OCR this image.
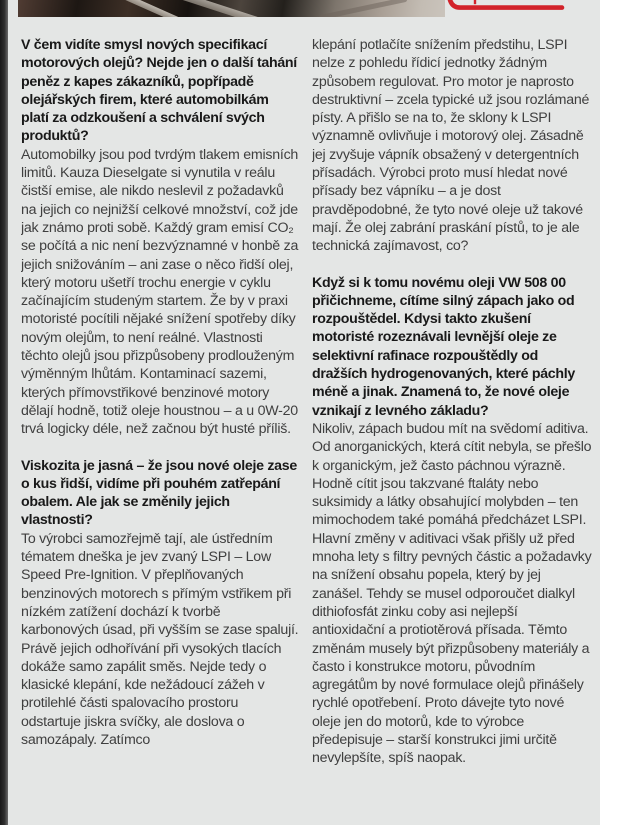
V čem vidíte smysl nových specifikací motorových olejů? Nejde jen o další tahání peněz z kapes zákazníků, popřípadě olejářských firem, které automobilkám platí za odzkoušení a schválení svých produktů?

Automobilky jsou pod tvrdým tlakem emisních limitů. Kauza Dieselgate si vynutila v reálu čistší emise, ale nikdo neslevil z požadavků na jejich co nejnižší celkové množství, což jde jak známo proti sobě. Každý gram emisí CO₂ se počítá a nic není bezvýznamné v honbě za jejich snižováním – ani zase o něco řidší olej, který motoru ušetří trochu energie v cyklu začínajícím studeným startem. Že by v praxi motoristé pocítili nějaké snížení spotřeby díky novým olejům, to není reálné. Vlastnosti těchto olejů jsou přizpůsobeny prodlouženým výměnným lhůtám. Kontaminací sazemi, kterých přímovstřikové benzinové motory dělají hodně, totiž oleje houstnou – a u 0W-20 trvá logicky déle, než začnou být husté příliš.

Viskozita je jasná – že jsou nové oleje zase o kus řidší, vidíme při pouhém zatřepání obalem. Ale jak se změnily jejich vlastnosti?

To výrobci samozřejmě tají, ale ústředním tématem dneška je jev zvaný LSPI – Low Speed Pre-Ignition. V přeplňovaných benzinových motorech s přímým vstřikem při nízkém zatížení dochází k tvorbě karbonových úsad, při vyšším se zase spalují. Právě jejich odhořívání při vysokých tlacích dokáže samo zapálit směs. Nejde tedy o klasické klepání, kde nežádoucí zážeh v protilehlé části spalovacího prostoru odstartuje jiskra svíčky, ale doslova o samozápaly. Zatímco

klepání potlačíte snížením předstihu, LSPI nelze z pohledu řídicí jednotky žádným způsobem regulovat. Pro motor je naprosto destruktivní – zcela typické už jsou rozlámané písty. A přišlo se na to, že sklony k LSPI významně ovlivňuje i motorový olej. Zásadně jej zvyšuje vápník obsažený v detergentních přísadách. Výrobci proto musí hledat nové přísady bez vápníku – a je dost pravděpodobné, že tyto nové oleje už takové mají. Že olej zabrání praskání pístů, to je ale technická zajímavost, co?

Když si k tomu novému oleji VW 508 00 přičichneme, cítíme silný zápach jako od rozpouštědel. Kdysi takto zkušení motoristé rozeznávali levnější oleje ze selektivní rafinace rozpouštědly od dražších hydrogenovaných, které páchly méně a jinak. Znamená to, že nové oleje vznikají z levného základu?

Nikoliv, zápach budou mít na svědomí aditiva. Od anorganických, která cítit nebyla, se přešlo k organickým, jež často páchnou výrazně. Hodně cítit jsou takzvané ftaláty nebo suksimidy a látky obsahující molybden – ten mimochodem také pomáhá předcházet LSPI. Hlavní změny v aditivaci však přišly už před mnoha lety s filtry pevných částic a požadavky na snížení obsahu popela, který by jej zanášel. Tehdy se musel odporoučet dialkyl dithiofosfát zinku coby asi nejlepší antioxidační a protiotěrová přísada. Těmto změnám musely být přizpůsobeny materiály a často i konstrukce motoru, původním agregátům by nové formulace olejů přinášely rychlé opotřebení. Proto dávejte tyto nové oleje jen do motorů, kde to výrobce předepisuje – starší konstrukci jimi určitě nevylepšíte, spíš naopak.
